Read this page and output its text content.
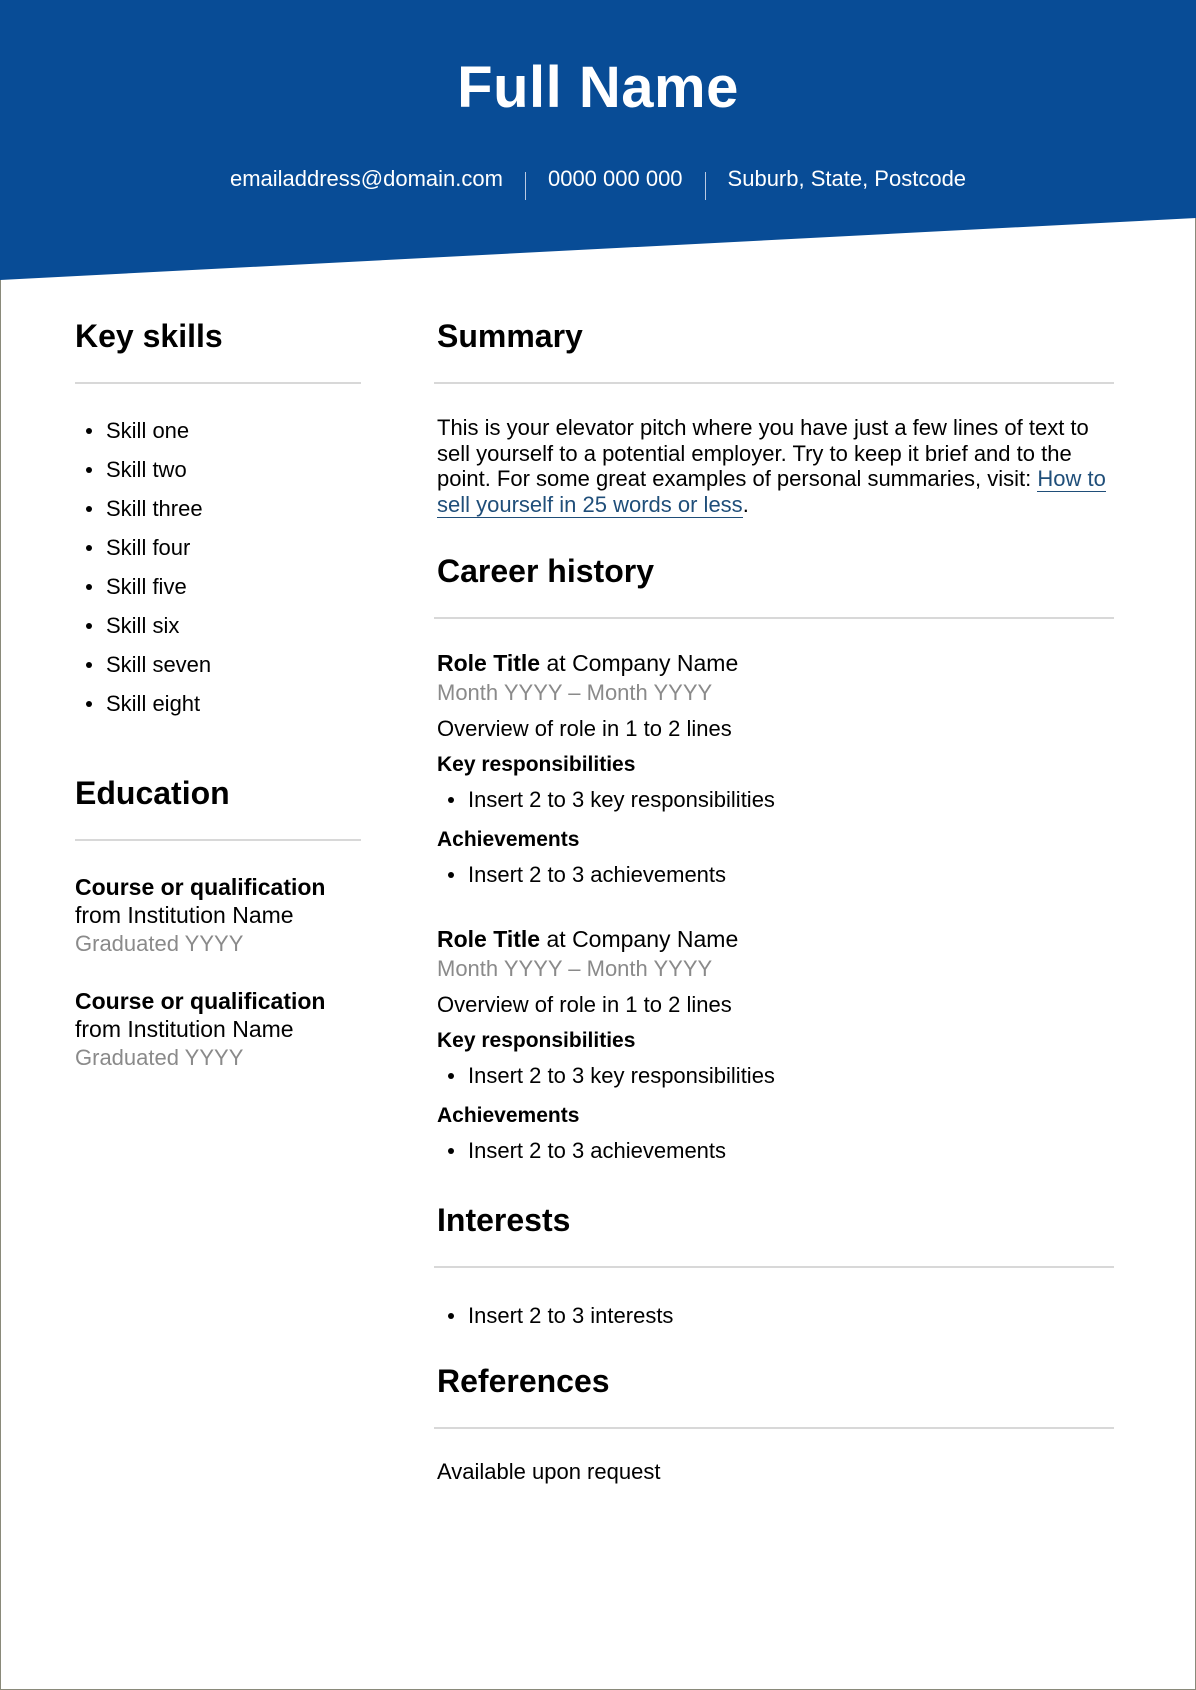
Full Name
emailaddress@domain.com 0000 000 000 Suburb, State, Postcode
Key skills
Skill one
Skill two
Skill three
Skill four
Skill five
Skill six
Skill seven
Skill eight
Education
Course or qualification
from Institution Name
Graduated YYYY
Course or qualification
from Institution Name
Graduated YYYY
Summary

This is your elevator pitch where you have just a few lines of text to sell yourself to a potential employer. Try to keep it brief and to the point. For some great examples of personal summaries, visit: How to sell yourself in 25 words or less.

Career history
Role Title at Company Name
Month YYYY – Month YYYY
Overview of role in 1 to 2 lines
Key responsibilities
Insert 2 to 3 key responsibilities
Achievements
Insert 2 to 3 achievements
Role Title at Company Name
Month YYYY – Month YYYY
Overview of role in 1 to 2 lines
Key responsibilities
Insert 2 to 3 key responsibilities
Achievements
Insert 2 to 3 achievements
Interests
Insert 2 to 3 interests
References
Available upon request
